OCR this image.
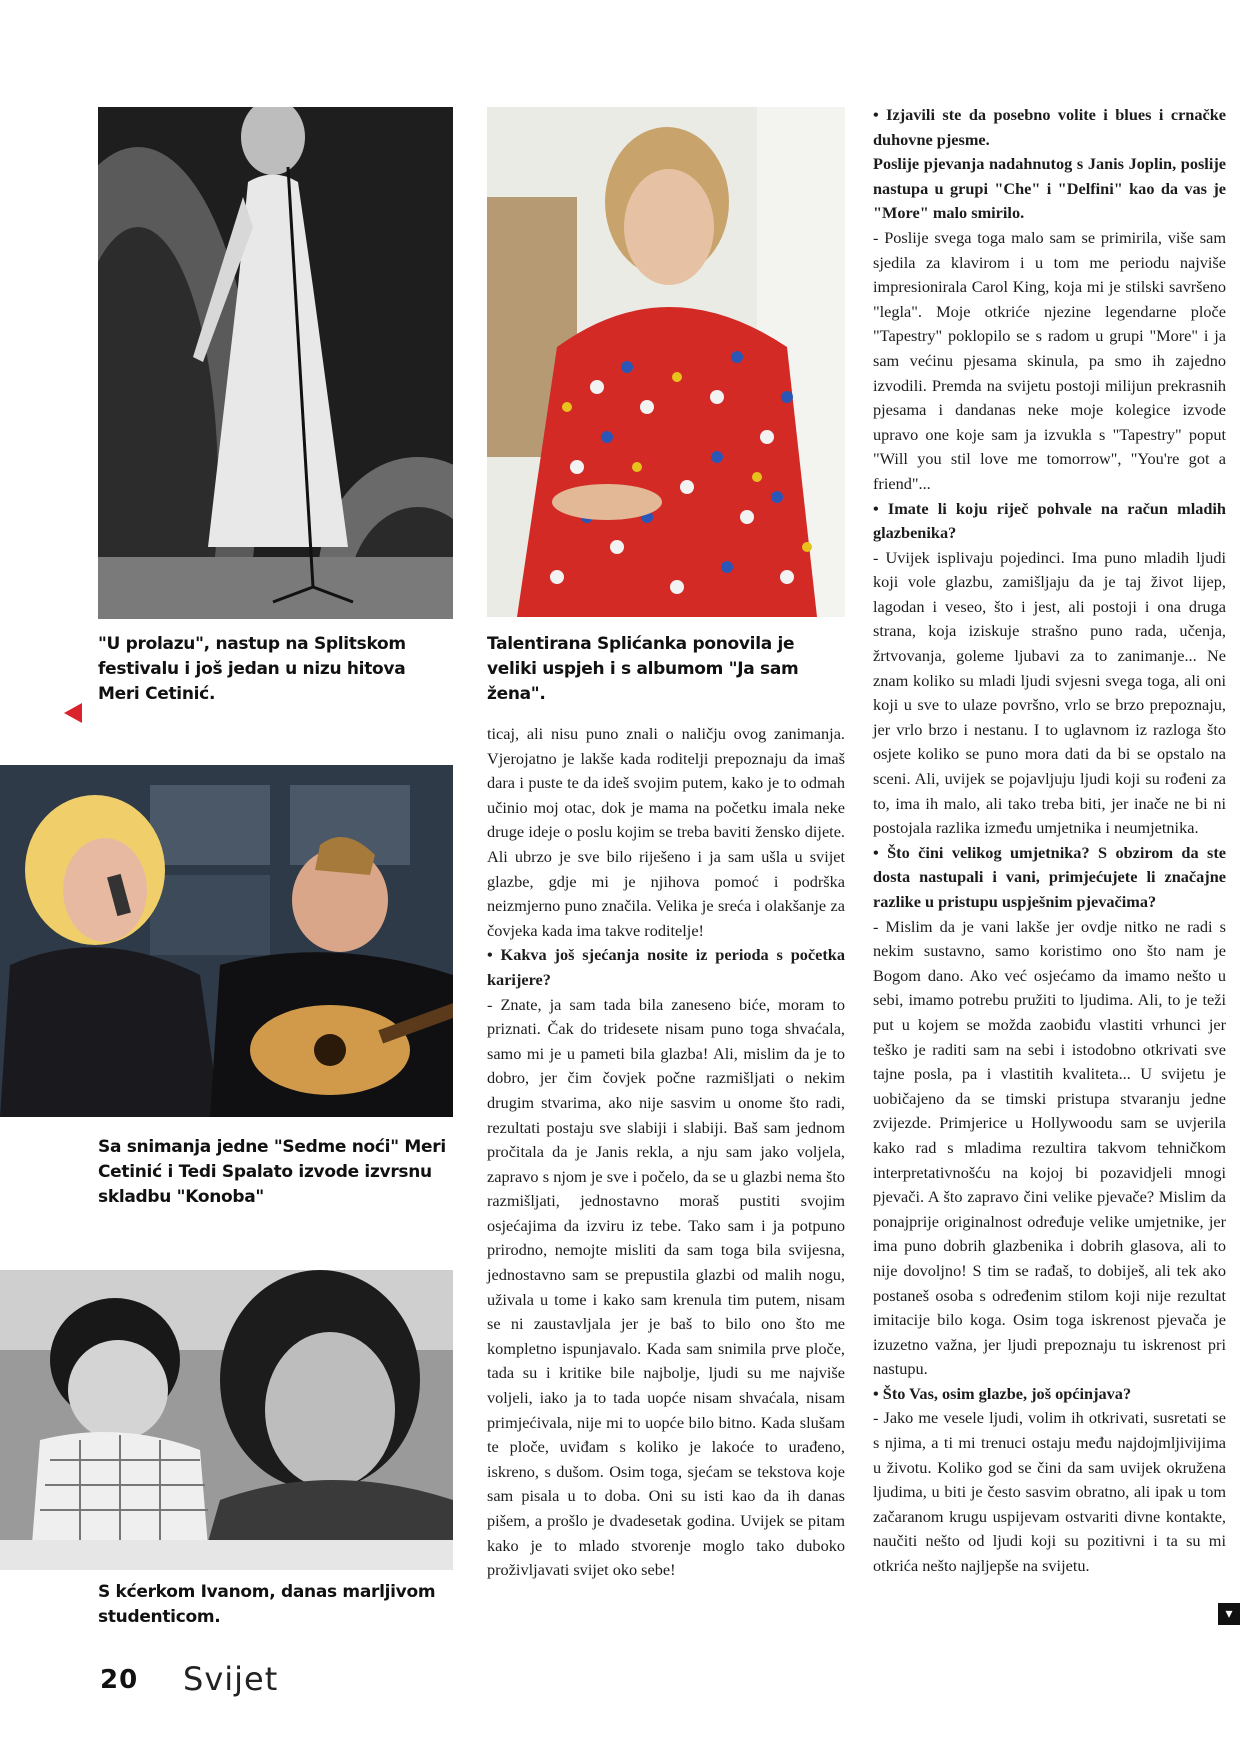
"U prolazu", nastup na Splitskom festivalu i još jedan u nizu hitova Meri Cetinić.
Talentirana Splićanka ponovila je veliki uspjeh i s albumom "Ja sam žena".
Sa snimanja jedne "Sedme noći" Meri Cetinić i Tedi Spalato izvode izvrsnu skladbu "Konoba"
S kćerkom Ivanom, danas marljivom studenticom.

ticaj, ali nisu puno znali o naličju ovog zanimanja. Vjerojatno je lakše kada roditelji prepoznaju da imaš dara i puste te da ideš svojim putem, kako je to odmah učinio moj otac, dok je mama na početku imala neke druge ideje o poslu kojim se treba baviti žensko dijete. Ali ubrzo je sve bilo riješeno i ja sam ušla u svijet glazbe, gdje mi je njihova pomoć i podrška neizmjerno puno značila. Velika je sreća i olakšanje za čovjeka kada ima takve roditelje!

• Kakva još sjećanja nosite iz perioda s početka karijere?

- Znate, ja sam tada bila zaneseno biće, moram to priznati. Čak do tridesete nisam puno toga shvaćala, samo mi je u pameti bila glazba! Ali, mislim da je to dobro, jer čim čovjek počne razmišljati o nekim drugim stvarima, ako nije sasvim u onome što radi, rezultati postaju sve slabiji i slabiji. Baš sam jednom pročitala da je Janis rekla, a nju sam jako voljela, zapravo s njom je sve i počelo, da se u glazbi nema što razmišljati, jednostavno moraš pustiti svojim osjećajima da izviru iz tebe. Tako sam i ja potpuno prirodno, nemojte misliti da sam toga bila svijesna, jednostavno sam se prepustila glazbi od malih nogu, uživala u tome i kako sam krenula tim putem, nisam se ni zaustavljala jer je baš to bilo ono što me kompletno ispunjavalo. Kada sam snimila prve ploče, tada su i kritike bile najbolje, ljudi su me najviše voljeli, iako ja to tada uopće nisam shvaćala, nisam primjećivala, nije mi to uopće bilo bitno. Kada slušam te ploče, uviđam s koliko je lakoće to urađeno, iskreno, s dušom. Osim toga, sjećam se tekstova koje sam pisala u to doba. Oni su isti kao da ih danas pišem, a prošlo je dvadesetak godina. Uvijek se pitam kako je to mlado stvorenje moglo tako duboko proživljavati svijet oko sebe!

• Izjavili ste da posebno volite i blues i crnačke duhovne pjesme.

Poslije pjevanja nadahnutog s Janis Joplin, poslije nastupa u grupi "Che" i "Delfini" kao da vas je "More" malo smirilo.

- Poslije svega toga malo sam se primirila, više sam sjedila za klavirom i u tom me periodu najviše impresionirala Carol King, koja mi je stilski savršeno "legla". Moje otkriće njezine legendarne ploče "Tapestry" poklopilo se s radom u grupi "More" i ja sam većinu pjesama skinula, pa smo ih zajedno izvodili. Premda na svijetu postoji milijun prekrasnih pjesama i dandanas neke moje kolegice izvode upravo one koje sam ja izvukla s "Tapestry" poput "Will you stil love me tomorrow", "You're got a friend"...

• Imate li koju riječ pohvale na račun mladih glazbenika?

- Uvijek isplivaju pojedinci. Ima puno mladih ljudi koji vole glazbu, zamišljaju da je taj život lijep, lagodan i veseo, što i jest, ali postoji i ona druga strana, koja iziskuje strašno puno rada, učenja, žrtvovanja, goleme ljubavi za to zanimanje... Ne znam koliko su mladi ljudi svjesni svega toga, ali oni koji u sve to ulaze površno, vrlo se brzo prepoznaju, jer vrlo brzo i nestanu. I to uglavnom iz razloga što osjete koliko se puno mora dati da bi se opstalo na sceni. Ali, uvijek se pojavljuju ljudi koji su rođeni za to, ima ih malo, ali tako treba biti, jer inače ne bi ni postojala razlika između umjetnika i neumjetnika.

• Što čini velikog umjetnika? S obzirom da ste dosta nastupali i vani, primjećujete li značajne razlike u pristupu uspješnim pjevačima?

- Mislim da je vani lakše jer ovdje nitko ne radi s nekim sustavno, samo koristimo ono što nam je Bogom dano. Ako već osjećamo da imamo nešto u sebi, imamo potrebu pružiti to ljudima. Ali, to je teži put u kojem se možda zaobiđu vlastiti vrhunci jer teško je raditi sam na sebi i istodobno otkrivati sve tajne posla, pa i vlastitih kvaliteta... U svijetu je uobičajeno da se timski pristupa stvaranju jedne zvijezde. Primjerice u Hollywoodu sam se uvjerila kako rad s mladima rezultira takvom tehničkom interpretativnošću na kojoj bi pozavidjeli mnogi pjevači. A što zapravo čini velike pjevače? Mislim da ponajprije originalnost određuje velike umjetnike, jer ima puno dobrih glazbenika i dobrih glasova, ali to nije dovoljno! S tim se rađaš, to dobiješ, ali tek ako postaneš osoba s određenim stilom koji nije rezultat imitacije bilo koga. Osim toga iskrenost pjevača je izuzetno važna, jer ljudi prepoznaju tu iskrenost pri nastupu.

• Što Vas, osim glazbe, još općinjava?

- Jako me vesele ljudi, volim ih otkrivati, susretati se s njima, a ti mi trenuci ostaju među najdojmljivijima u životu. Koliko god se čini da sam uvijek okružena ljudima, u biti je često sasvim obratno, ali ipak u tom začaranom krugu uspijevam ostvariti divne kontakte, naučiti nešto od ljudi koji su pozitivni i ta su mi otkrića nešto najljepše na svijetu.

▾
20 Svijet
